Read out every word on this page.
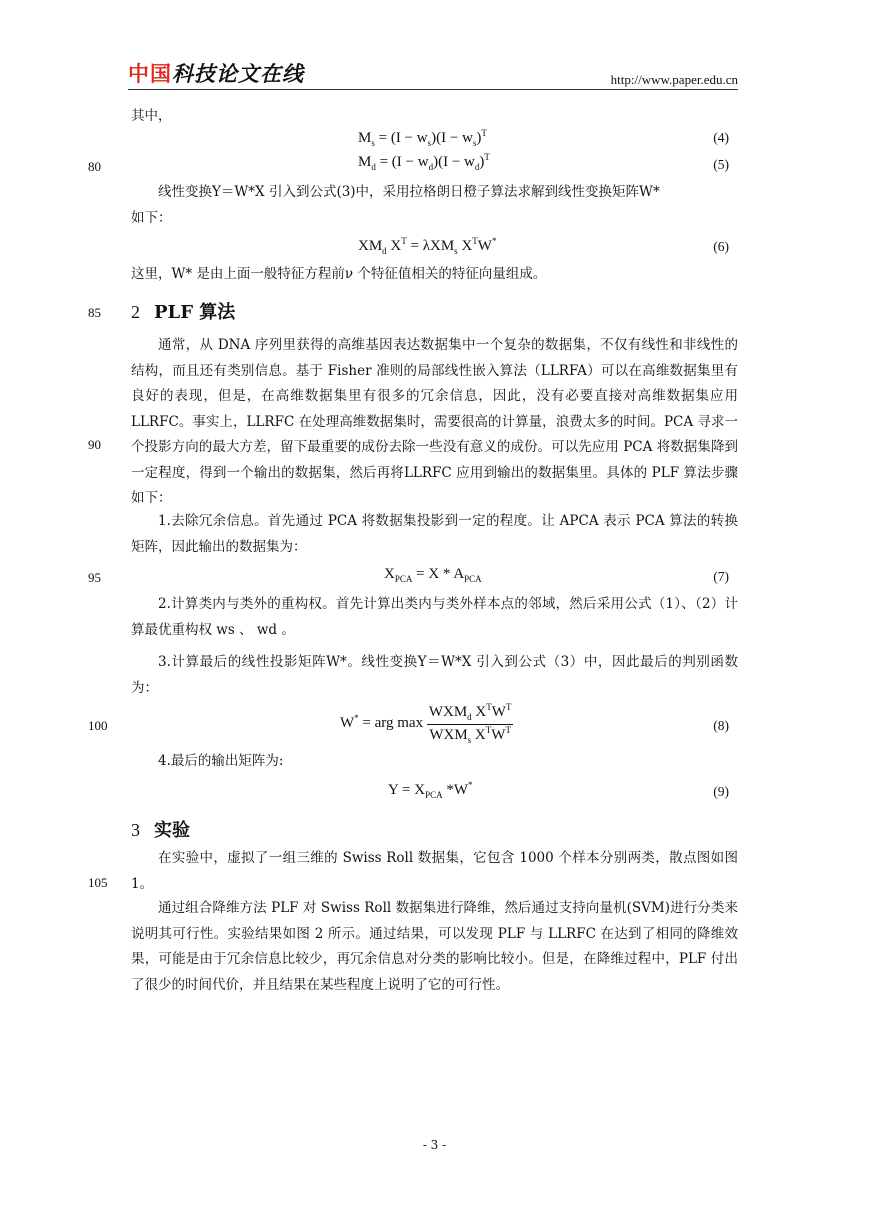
中国科技论文在线	http://www.paper.edu.cn
80
85
90
95
100
105
其中，
$M_s = (I - w_s)(I - w_s)^T$	(4)
$M_d = (I - w_d)(I - w_d)^T$	(5)
线性变换Y＝W*X 引入到公式(3)中，采用拉格朗日橙子算法求解到线性变换矩阵W*
如下：
$XM_d$ $X^T = \lambda XM_s$ $X^TW^*$	(6)
这里，W* 是由上面一般特征方程前ν 个特征值相关的特征向量组成。
2 PLF 算法
通常，从 DNA 序列里获得的高维基因表达数据集中一个复杂的数据集，不仅有线性和非线性的结构，而且还有类别信息。基于 Fisher 准则的局部线性嵌入算法（LLRFA）可以在高维数据集里有良好的表现，但是，在高维数据集里有很多的冗余信息，因此，没有必要直接对高维数据集应用 LLRFC。事实上，LLRFC 在处理高维数据集时，需要很高的计算量，浪费太多的时间。PCA 寻求一个投影方向的最大方差，留下最重要的成份去除一些没有意义的成份。可以先应用 PCA 将数据集降到一定程度，得到一个输出的数据集，然后再将LLRFC 应用到输出的数据集里。具体的 PLF 算法步骤如下：
1.去除冗余信息。首先通过 PCA 将数据集投影到一定的程度。让 APCA 表示 PCA 算法的转换矩阵，因此输出的数据集为：
$X_{PCA} = X * A_{PCA}$	(7)
2.计算类内与类外的重构权。首先计算出类内与类外样本点的邻域，然后采用公式（1）、（2）计算最优重构权 ws 、 wd 。
3.计算最后的线性投影矩阵W*。线性变换Y＝W*X 引入到公式（3）中，因此最后的判别函数为：
W* = arg $\max \frac{WXM_d X^TW^T}{WXM_s X^TW^T}$	(8)
4.最后的输出矩阵为:
$Y = X_{PCA}$ *W*	(9)
3 实验
在实验中，虚拟了一组三维的 Swiss Roll 数据集，它包含 1000 个样本分别两类，散点图如图 1。
通过组合降维方法 PLF 对 Swiss Roll 数据集进行降维，然后通过支持向量机(SVM)进行分类来说明其可行性。实验结果如图 2 所示。通过结果，可以发现 PLF 与 LLRFC 在达到了相同的降维效果，可能是由于冗余信息比较少，再冗余信息对分类的影响比较小。但是，在降维过程中，PLF 付出了很少的时间代价，并且结果在某些程度上说明了它的可行性。
- 3 -
